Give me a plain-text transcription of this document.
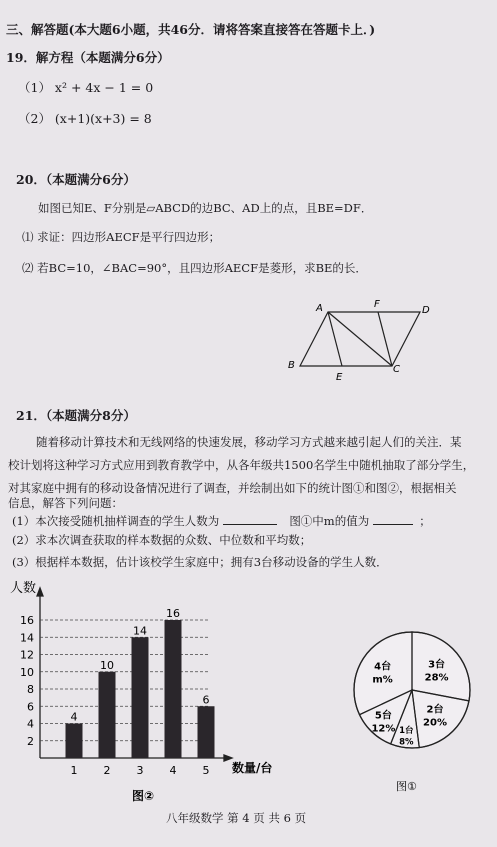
三、解答题(本大题6小题，共46分．请将答案直接答在答题卡上．)
19．解方程（本题满分6分）
（1） x² + 4x − 1 = 0
（2） (x+1)(x+3) = 8
20．（本题满分6分）
如图已知E、F分别是▱ABCD的边BC、AD上的点，且BE=DF．
⑴ 求证：四边形AECF是平行四边形；
⑵ 若BC=10，∠BAC=90°，且四边形AECF是菱形，求BE的长．
A	F
D
B
E
C
21．（本题满分8分）
随着移动计算技术和无线网络的快速发展，移动学习方式越来越引起人们的关注．某
校计划将这种学习方式应用到教育教学中，从各年级共1500名学生中随机抽取了部分学生，
对其家庭中拥有的移动设备情况进行了调查，并绘制出如下的统计图①和图②，根据相关
信息，解答下列问题：
(1）本次接受随机抽样调查的学生人数为	图①中m的值为	；
(2）求本次调查获取的样本数据的众数、中位数和平均数；
(3）根据样本数据，估计该校学生家庭中；拥有3台移动设备的学生人数．
2
4
6
8
10
12
14
16
4
1
10
2
14
3
16
4
6
5
人数
数量/台
图②
3台
28%
2台
20%
1台
8%
5台
12%
4台
m%
图①
八年级数学 第 4 页 共 6 页
